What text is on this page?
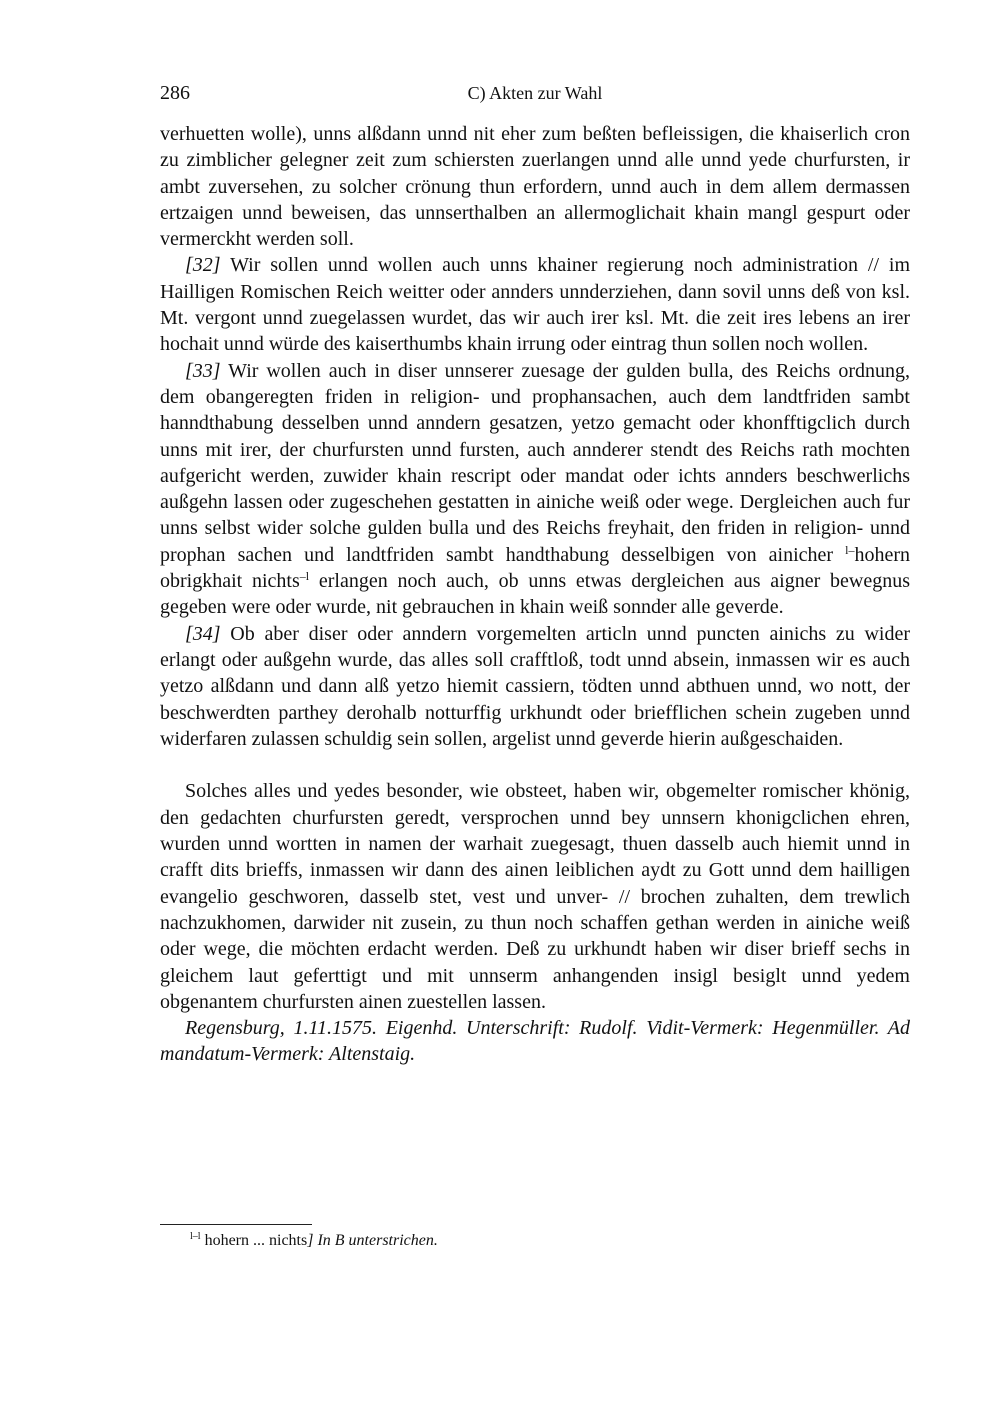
286	C) Akten zur Wahl

verhuetten wolle), unns alßdann unnd nit eher zum beßten befleissigen, die khaiserlich cron zu zimblicher gelegner zeit zum schiersten zuerlangen unnd alle unnd yede churfursten, ir ambt zuversehen, zu solcher crönung thun erfordern, unnd auch in dem allem dermassen ertzaigen unnd beweisen, das unnserthalben an allermoglichait khain mangl gespurt oder vermerckht werden soll.

[32] Wir sollen unnd wollen auch unns khainer regierung noch administration // im Hailligen Romischen Reich weitter oder annders unnderziehen, dann sovil unns deß von ksl. Mt. vergont unnd zuegelassen wurdet, das wir auch irer ksl. Mt. die zeit ires lebens an irer hochait unnd würde des kaiserthumbs khain irrung oder eintrag thun sollen noch wollen.

[33] Wir wollen auch in diser unnserer zuesage der gulden bulla, des Reichs ordnung, dem obangeregten friden in religion- und prophansachen, auch dem landtfriden sambt hanndthabung desselben unnd anndern gesatzen, yetzo gemacht oder khonfftigclich durch unns mit irer, der churfursten unnd fursten, auch annderer stendt des Reichs rath mochten aufgericht werden, zuwider khain rescript oder mandat oder ichts annders beschwerlichs außgehn lassen oder zugeschehen gestatten in ainiche weiß oder wege. Dergleichen auch fur unns selbst wider solche gulden bulla und des Reichs freyhait, den friden in religion- unnd prophan sachen und landtfriden sambt handthabung desselbigen von ainicher $^{l-}$hohern obrigkhait nichts$^{-l}$ erlangen noch auch, ob unns etwas dergleichen aus aigner bewegnus gegeben were oder wurde, nit gebrauchen in khain weiß sonnder alle geverde.

[34] Ob aber diser oder anndern vorgemelten articln unnd puncten ainichs zu wider erlangt oder außgehn wurde, das alles soll crafftloß, todt unnd absein, inmassen wir es auch yetzo alßdann und dann alß yetzo hiemit cassiern, tödten unnd abthuen unnd, wo nott, der beschwerdten parthey derohalb notturffig urkhundt oder briefflichen schein zugeben unnd widerfaren zulassen schuldig sein sollen, argelist unnd geverde hierin außgeschaiden.

Solches alles und yedes besonder, wie obsteet, haben wir, obgemelter romischer khönig, den gedachten churfursten geredt, versprochen unnd bey unnsern khonigclichen ehren, wurden unnd wortten in namen der warhait zuegesagt, thuen dasselb auch hiemit unnd in crafft dits brieffs, inmassen wir dann des ainen leiblichen aydt zu Gott unnd dem hailligen evangelio geschworen, dasselb stet, vest und unver- // brochen zuhalten, dem trewlich nachzukhomen, darwider nit zusein, zu thun noch schaffen gethan werden in ainiche weiß oder wege, die möchten erdacht werden. Deß zu urkhundt haben wir diser brieff sechs in gleichem laut geferttigt und mit unnserm anhangenden insigl besiglt unnd yedem obgenantem churfursten ainen zuestellen lassen.

Regensburg, 1.11.1575. Eigenhd. Unterschrift: Rudolf. Vidit-Vermerk: Hegenmüller. Ad mandatum-Vermerk: Altenstaig.

$^{l-l}$ hohern ... nichts] In B unterstrichen.
